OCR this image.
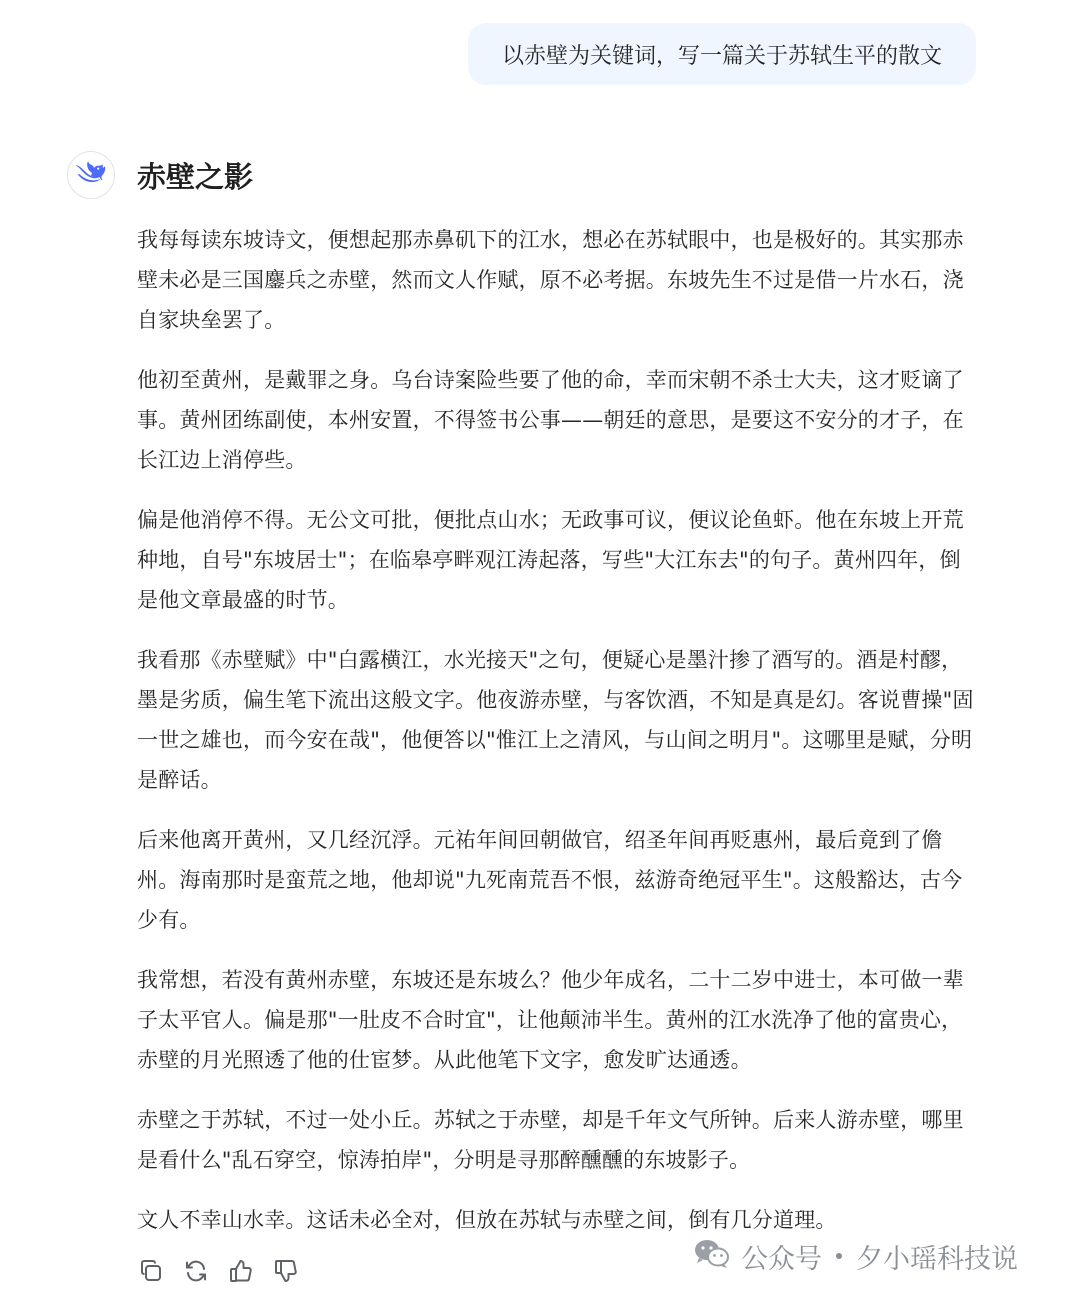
以赤壁为关键词，写一篇关于苏轼生平的散文
赤壁之影

我每每读东坡诗文，便想起那赤鼻矶下的江水，想必在苏轼眼中，也是极好的。其实那赤壁未必是三国鏖兵之赤壁，然而文人作赋，原不必考据。东坡先生不过是借一片水石，浇自家块垒罢了。

他初至黄州，是戴罪之身。乌台诗案险些要了他的命，幸而宋朝不杀士大夫，这才贬谪了事。黄州团练副使，本州安置，不得签书公事——朝廷的意思，是要这不安分的才子，在长江边上消停些。

偏是他消停不得。无公文可批，便批点山水；无政事可议，便议论鱼虾。他在东坡上开荒种地，自号"东坡居士"；在临皋亭畔观江涛起落，写些"大江东去"的句子。黄州四年，倒是他文章最盛的时节。

我看那《赤壁赋》中"白露横江，水光接天"之句，便疑心是墨汁掺了酒写的。酒是村醪，墨是劣质，偏生笔下流出这般文字。他夜游赤壁，与客饮酒，不知是真是幻。客说曹操"固一世之雄也，而今安在哉"，他便答以"惟江上之清风，与山间之明月"。这哪里是赋，分明是醉话。

后来他离开黄州，又几经沉浮。元祐年间回朝做官，绍圣年间再贬惠州，最后竟到了儋州。海南那时是蛮荒之地，他却说"九死南荒吾不恨，兹游奇绝冠平生"。这般豁达，古今少有。

我常想，若没有黄州赤壁，东坡还是东坡么？他少年成名，二十二岁中进士，本可做一辈子太平官人。偏是那"一肚皮不合时宜"，让他颠沛半生。黄州的江水洗净了他的富贵心，赤壁的月光照透了他的仕宦梦。从此他笔下文字，愈发旷达通透。

赤壁之于苏轼，不过一处小丘。苏轼之于赤壁，却是千年文气所钟。后来人游赤壁，哪里是看什么"乱石穿空，惊涛拍岸"，分明是寻那醉醺醺的东坡影子。

文人不幸山水幸。这话未必全对，但放在苏轼与赤壁之间，倒有几分道理。

公众号 夕小瑶科技说
